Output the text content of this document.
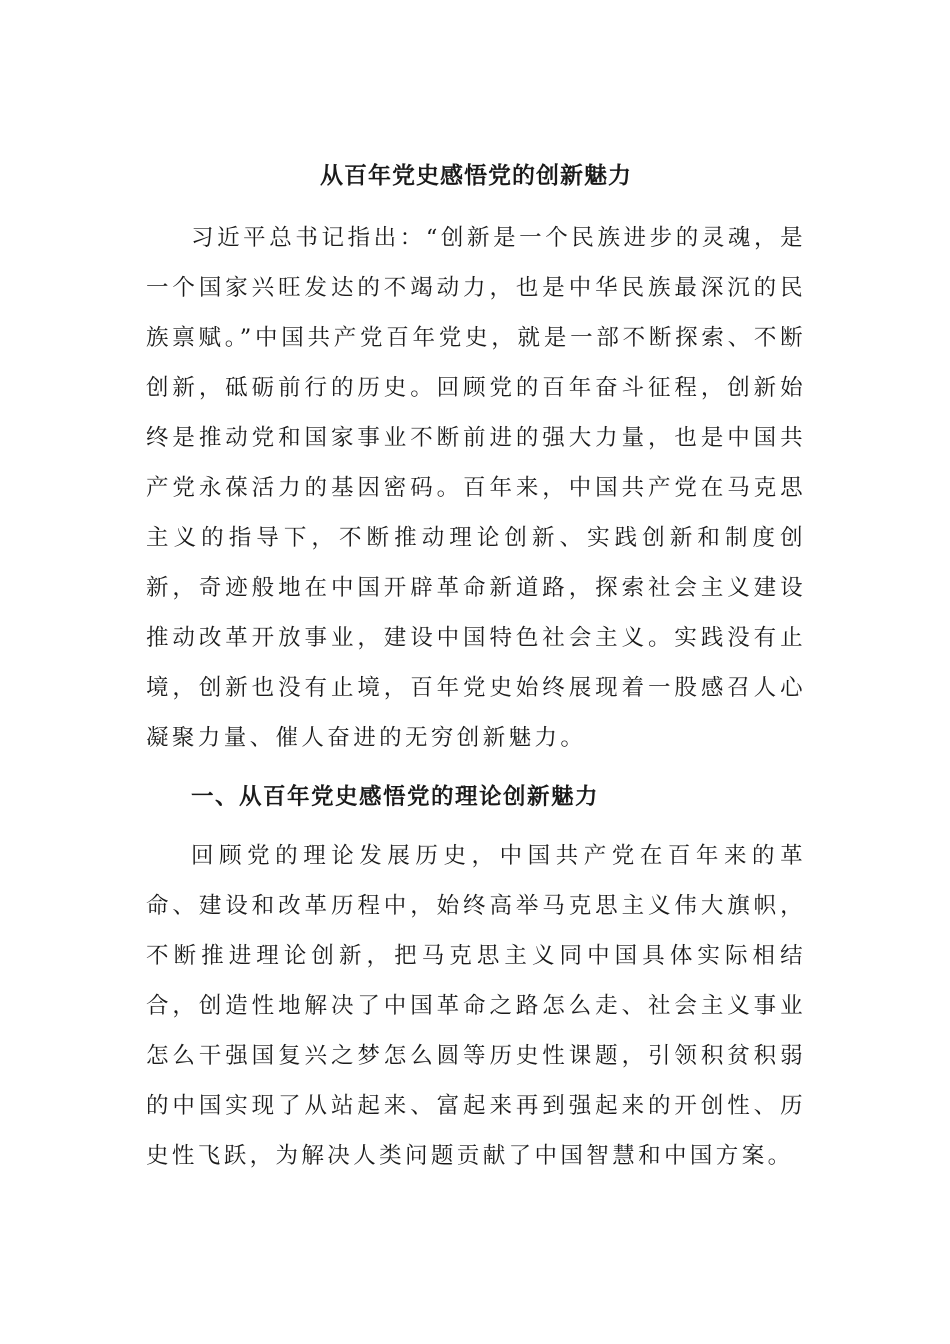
从百年党史感悟党的创新魅力

习近平总书记指出：“创新是一个民族进步的灵魂，是一个国家兴旺发达的不竭动力，也是中华民族最深沉的民族禀赋。”中国共产党百年党史，就是一部不断探索、不断创新，砥砺前行的历史。回顾党的百年奋斗征程，创新始终是推动党和国家事业不断前进的强大力量，也是中国共产党永葆活力的基因密码。百年来，中国共产党在马克思主义的指导下，不断推动理论创新、实践创新和制度创新，奇迹般地在中国开辟革命新道路，探索社会主义建设推动改革开放事业，建设中国特色社会主义。实践没有止境，创新也没有止境，百年党史始终展现着一股感召人心凝聚力量、催人奋进的无穷创新魅力。

一、从百年党史感悟党的理论创新魅力

回顾党的理论发展历史，中国共产党在百年来的革命、建设和改革历程中，始终高举马克思主义伟大旗帜，不断推进理论创新，把马克思主义同中国具体实际相结合，创造性地解决了中国革命之路怎么走、社会主义事业怎么干强国复兴之梦怎么圆等历史性课题，引领积贫积弱的中国实现了从站起来、富起来再到强起来的开创性、历史性飞跃，为解决人类问题贡献了中国智慧和中国方案。
